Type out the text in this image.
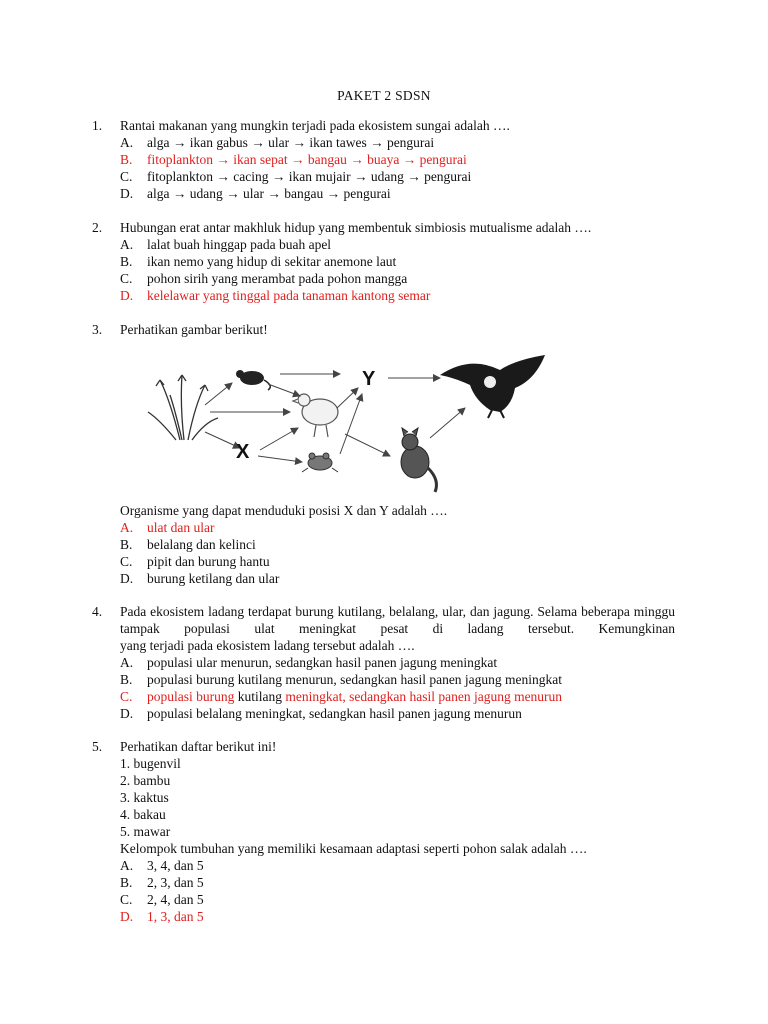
PAKET 2 SDSN
1. Rantai makanan yang mungkin terjadi pada ekosistem sungai adalah ….
A. alga → ikan gabus → ular → ikan tawes → pengurai
B. fitoplankton → ikan sepat → bangau → buaya → pengurai
C. fitoplankton → cacing → ikan mujair → udang → pengurai
D. alga → udang → ular → bangau → pengurai
2. Hubungan erat antar makhluk hidup yang membentuk simbiosis mutualisme adalah ….
A. lalat buah hinggap pada buah apel
B. ikan nemo yang hidup di sekitar anemone laut
C. pohon sirih yang merambat pada pohon mangga
D. kelelawar yang tinggal pada tanaman kantong semar
3. Perhatikan gambar berikut!
Y
X
Organisme yang dapat menduduki posisi X dan Y adalah ….
A. ulat dan ular
B. belalang dan kelinci
C. pipit dan burung hantu
D. burung ketilang dan ular
4. Pada ekosistem ladang terdapat burung kutilang, belalang, ular, dan jagung. Selama beberapa minggu tampak populasi ulat meningkat pesat di ladang tersebut. Kemungkinan
yang terjadi pada ekosistem ladang tersebut adalah ….
A. populasi ular menurun, sedangkan hasil panen jagung meningkat
B. populasi burung kutilang menurun, sedangkan hasil panen jagung meningkat
C. populasi burung kutilang meningkat, sedangkan hasil panen jagung menurun
D. populasi belalang meningkat, sedangkan hasil panen jagung menurun
5. Perhatikan daftar berikut ini!
1. bugenvil
2. bambu
3. kaktus
4. bakau
5. mawar
Kelompok tumbuhan yang memiliki kesamaan adaptasi seperti pohon salak adalah ….
A. 3, 4, dan 5
B. 2, 3, dan 5
C. 2, 4, dan 5
D. 1, 3, dan 5
